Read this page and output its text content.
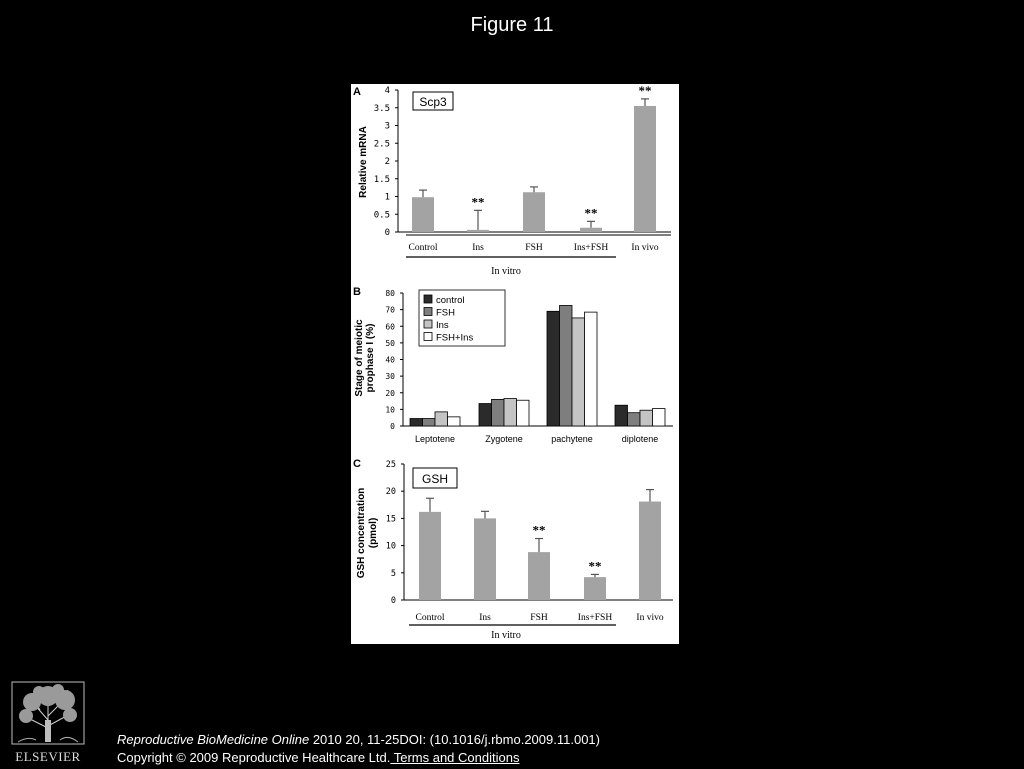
Figure 11
A
Scp3
Relative mRNA
0
0.5
1
1.5
2
2.5
3
3.5
4
**
**
**
Control	Ins	FSH	Ins+FSH In vivo
In vitro
B
Stage of meiotic prophase I (%)
0
10
20
30
40
50
60
70
80
Leptotene	Zygotene	pachytene	diplotene
control
FSH
Ins
FSH+Ins
C
GSH
GSH concentration (pmol)
0
5
10
15
20
25
**
**
Control	Ins	FSH	Ins+FSH	In vivo
In vitro
ELSEVIER
Reproductive BioMedicine Online 2010 20, 11-25DOI: (10.1016/j.rbmo.2009.11.001)
Copyright © 2009 Reproductive Healthcare Ltd. Terms and Conditions
